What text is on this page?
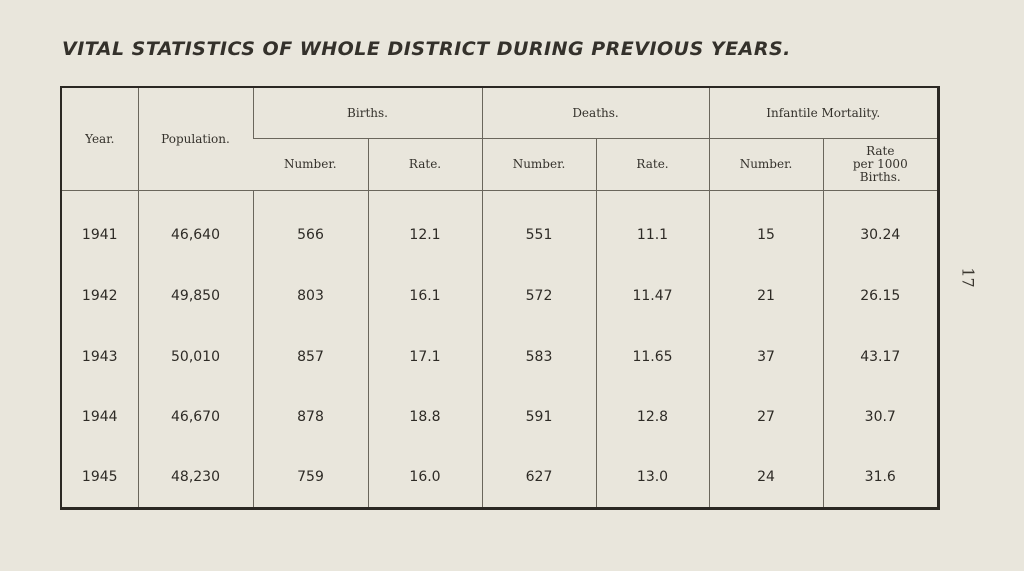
VITAL STATISTICS OF WHOLE DISTRICT DURING PREVIOUS YEARS.
17
Year.	Population.	Births.		Deaths.		Infantile Mortality.	
		Number.	Rate.	Number.	Rate.	Number.	Rate
per 1000
Births.
1941	46,640	566	12.1	551	11.1	15	30.24
1942	49,850	803	16.1	572	11.47	21	26.15
1943	50,010	857	17.1	583	11.65	37	43.17
1944	46,670	878	18.8	591	12.8	27	30.7
1945	48,230	759	16.0	627	13.0	24	31.6
